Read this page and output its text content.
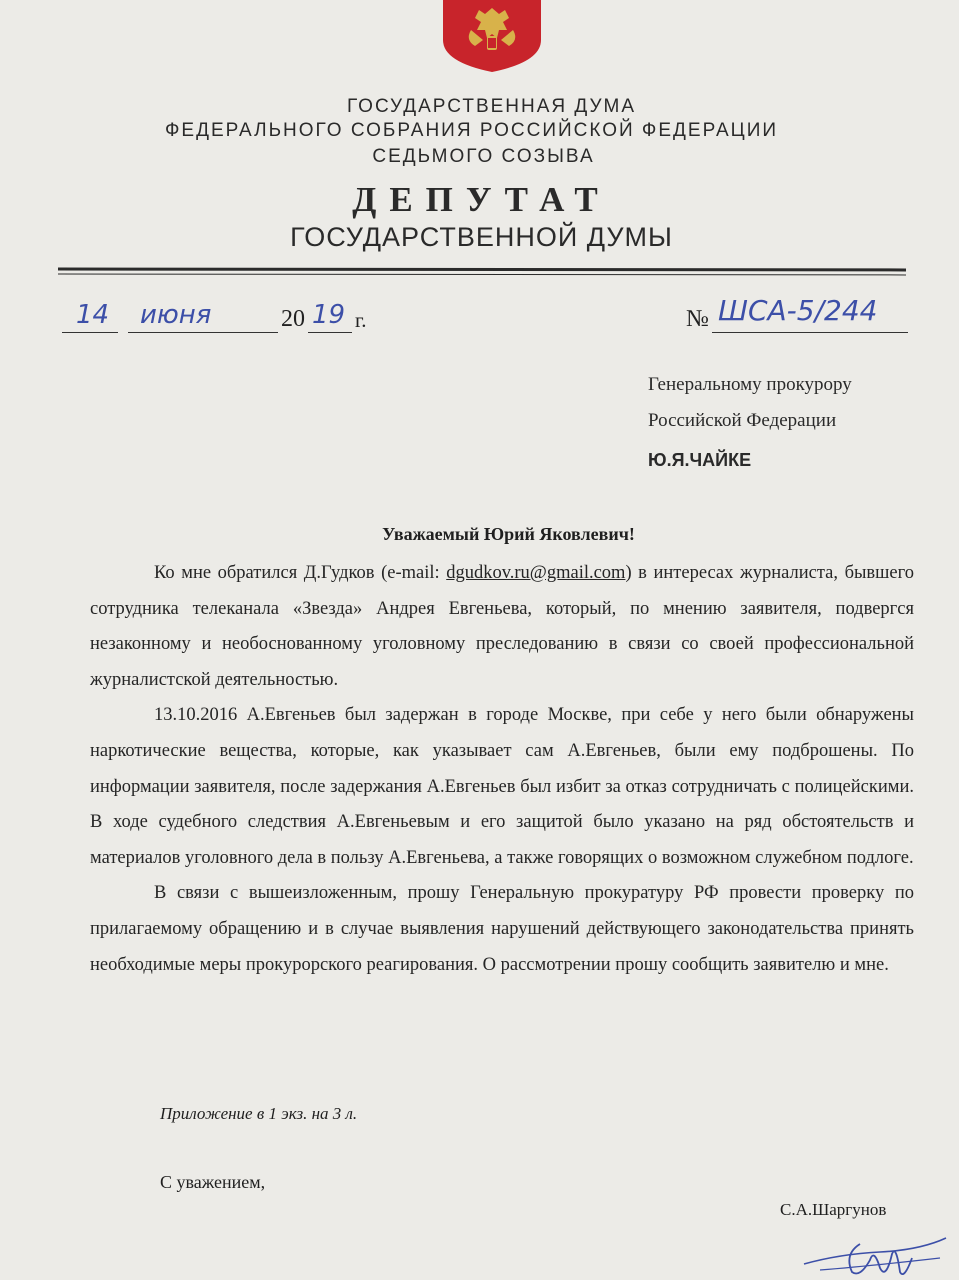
ГОСУДАРСТВЕННАЯ ДУМА
ФЕДЕРАЛЬНОГО СОБРАНИЯ РОССИЙСКОЙ ФЕДЕРАЦИИ
СЕДЬМОГО СОЗЫВА
ДЕПУТАТ
ГОСУДАРСТВЕННОЙ ДУМЫ
14 июня	20 19 г.	№ ШСА-5/244
Генеральному прокурору
Российской Федерации
Ю.Я.ЧАЙКЕ
Уважаемый Юрий Яковлевич!

Ко мне обратился Д.Гудков (e-mail: dgudkov.ru@gmail.com) в интересах журналиста, бывшего сотрудника телеканала «Звезда» Андрея Евгеньева, который, по мнению заявителя, подвергся незаконному и необоснованному уголовному преследованию в связи со своей профессиональной журналистской деятельностью.

13.10.2016 А.Евгеньев был задержан в городе Москве, при себе у него были обнаружены наркотические вещества, которые, как указывает сам А.Евгеньев, были ему подброшены. По информации заявителя, после задержания А.Евгеньев был избит за отказ сотрудничать с полицейскими. В ходе судебного следствия А.Евгеньевым и его защитой было указано на ряд обстоятельств и материалов уголовного дела в пользу А.Евгеньева, а также говорящих о возможном служебном подлоге.

В связи с вышеизложенным, прошу Генеральную прокуратуру РФ провести проверку по прилагаемому обращению и в случае выявления нарушений действующего законодательства принять необходимые меры прокурорского реагирования. О рассмотрении прошу сообщить заявителю и мне.

Приложение в 1 экз. на 3 л.
С уважением,
С.А.Шаргунов
